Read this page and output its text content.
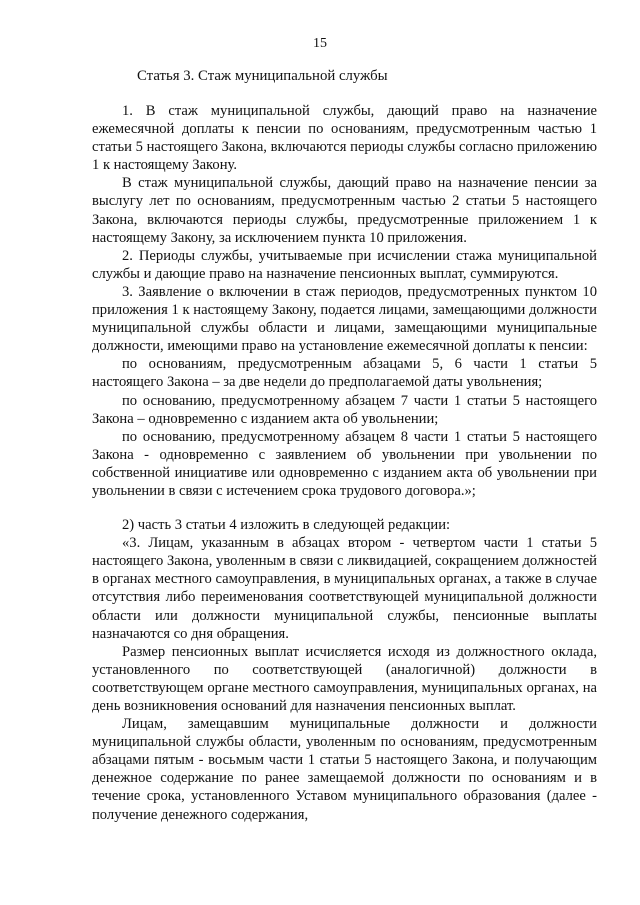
15
Статья 3. Стаж муниципальной службы

1. В стаж муниципальной службы, дающий право на назначение ежемесячной доплаты к пенсии по основаниям, предусмотренным частью 1 статьи 5 настоящего Закона, включаются периоды службы согласно приложению 1 к настоящему Закону.

В стаж муниципальной службы, дающий право на назначение пенсии за выслугу лет по основаниям, предусмотренным частью 2 статьи 5 настоящего Закона, включаются периоды службы, предусмотренные приложением 1 к настоящему Закону, за исключением пункта 10 приложения.

2. Периоды службы, учитываемые при исчислении стажа муниципальной службы и дающие право на назначение пенсионных выплат, суммируются.

3. Заявление о включении в стаж периодов, предусмотренных пунктом 10 приложения 1 к настоящему Закону, подается лицами, замещающими должности муниципальной службы области и лицами, замещающими муниципальные должности, имеющими право на установление ежемесячной доплаты к пенсии:

по основаниям, предусмотренным абзацами 5, 6 части 1 статьи 5 настоящего Закона – за две недели до предполагаемой даты увольнения;

по основанию, предусмотренному абзацем 7 части 1 статьи 5 настоящего Закона – одновременно с изданием акта об увольнении;

по основанию, предусмотренному абзацем 8 части 1 статьи 5 настоящего Закона - одновременно с заявлением об увольнении при увольнении по собственной инициативе или одновременно с изданием акта об увольнении при увольнении в связи с истечением срока трудового договора.»;

2) часть 3 статьи 4 изложить в следующей редакции:

«3. Лицам, указанным в абзацах втором - четвертом части 1 статьи 5 настоящего Закона, уволенным в связи с ликвидацией, сокращением должностей в органах местного самоуправления, в муниципальных органах, а также в случае отсутствия либо переименования соответствующей муниципальной должности области или должности муниципальной службы, пенсионные выплаты назначаются со дня обращения.

Размер пенсионных выплат исчисляется исходя из должностного оклада, установленного по соответствующей (аналогичной) должности в соответствующем органе местного самоуправления, муниципальных органах, на день возникновения оснований для назначения пенсионных выплат.

Лицам, замещавшим муниципальные должности и должности муниципальной службы области, уволенным по основаниям, предусмотренным абзацами пятым - восьмым части 1 статьи 5 настоящего Закона, и получающим денежное содержание по ранее замещаемой должности по основаниям и в течение срока, установленного Уставом муниципального образования (далее - получение денежного содержания,
